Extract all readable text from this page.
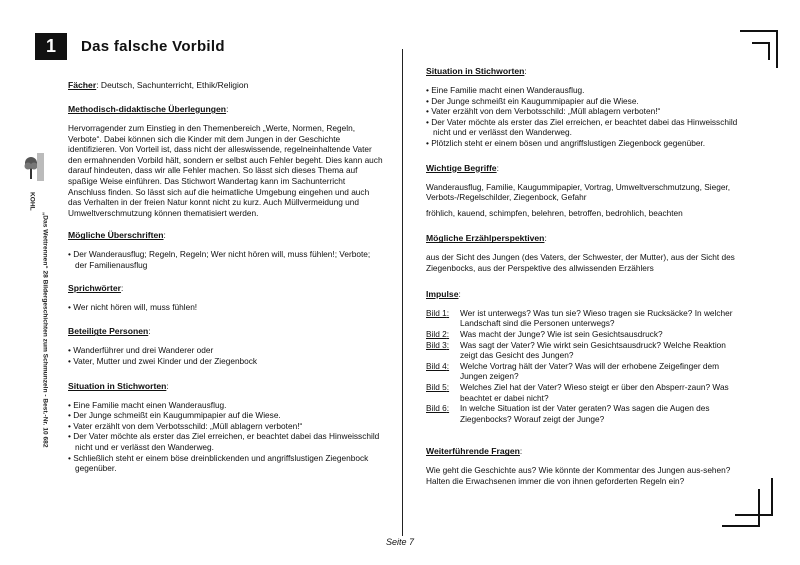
1 Das falsche Vorbild
KOHL
„Das Wettrennen“ 28 Bildergeschichten zum Schmunzeln - Best.-Nr. 10 682
Fächer: Deutsch, Sachunterricht, Ethik/Religion
Methodisch-didaktische Überlegungen:
Hervorragender zum Einstieg in den Themenbereich „Werte, Normen, Regeln, Verbote“. Dabei können sich die Kinder mit dem Jungen in der Geschichte identifizieren. Von Vorteil ist, dass nicht der alleswissende, regelneinhaltende Vater den ermahnenden Vorbild hält, sondern er selbst auch Fehler begeht. Dies kann auch darauf hindeuten, dass wir alle Fehler machen. So lässt sich dieses Thema auf spaßige Weise einführen. Das Stichwort Wandertag kann im Sachunterricht Anschluss finden. So lässt sich auf die heimatliche Umgebung eingehen und auch das Verhalten in der freien Natur konnt nicht zu kurz. Auch Müllvermeidung und Umweltverschmutzung können thematisiert werden.
Mögliche Überschriften:
• Der Wanderausflug; Regeln, Regeln; Wer nicht hören will, muss fühlen!; Verbote; der Familienausflug
Sprichwörter:
• Wer nicht hören will, muss fühlen!
Beteiligte Personen:
• Wanderführer und drei Wanderer oder
• Vater, Mutter und zwei Kinder und der Ziegenbock
Situation in Stichworten:
• Eine Familie macht einen Wanderausflug.
• Der Junge schmeißt ein Kaugummipapier auf die Wiese.
• Vater erzählt von dem Verbotsschild: „Müll ablagern verboten!“
• Der Vater möchte als erster das Ziel erreichen, er beachtet dabei das Hinweisschild nicht und er verlässt den Wanderweg.
• Schließlich steht er einem böse dreinblickenden und angriffslustigen Ziegenbock gegenüber.
Situation in Stichworten:
• Eine Familie macht einen Wanderausflug.
• Der Junge schmeißt ein Kaugummipapier auf die Wiese.
• Vater erzählt von dem Verbotsschild: „Müll ablagern verboten!“
• Der Vater möchte als erster das Ziel erreichen, er beachtet dabei das Hinweisschild nicht und er verlässt den Wanderweg.
• Plötzlich steht er einem bösen und angriffslustigen Ziegenbock gegenüber.
Wichtige Begriffe:
Wanderausflug, Familie, Kaugummipapier, Vortrag, Umweltverschmutzung, Sieger, Verbots-/Regelschilder, Ziegenbock, Gefahr
fröhlich, kauend, schimpfen, belehren, betroffen, bedrohlich, beachten
Mögliche Erzählperspektiven:
aus der Sicht des Jungen (des Vaters, der Schwester, der Mutter), aus der Sicht des Ziegenbocks, aus der Perspektive des allwissenden Erzählers
Impulse:
Bild 1:	Wer ist unterwegs? Was tun sie? Wieso tragen sie Rucksäcke? In welcher Landschaft sind die Personen unterwegs?
Bild 2:	Was macht der Junge? Wie ist sein Gesichtsausdruck?
Bild 3:	Was sagt der Vater? Wie wirkt sein Gesichtsausdruck? Welche Reaktion zeigt das Gesicht des Jungen?
Bild 4:	Welche Vortrag hält der Vater? Was will der erhobene Zeigefinger dem Jungen zeigen?
Bild 5:	Welches Ziel hat der Vater? Wieso steigt er über den Absperr-zaun? Was beachtet er dabei nicht?
Bild 6:	In welche Situation ist der Vater geraten? Was sagen die Augen des Ziegenbocks? Worauf zeigt der Junge?
Weiterführende Fragen:
Wie geht die Geschichte aus? Wie könnte der Kommentar des Jungen aus-sehen? Halten die Erwachsenen immer die von ihnen geforderten Regeln ein?
Seite 7
